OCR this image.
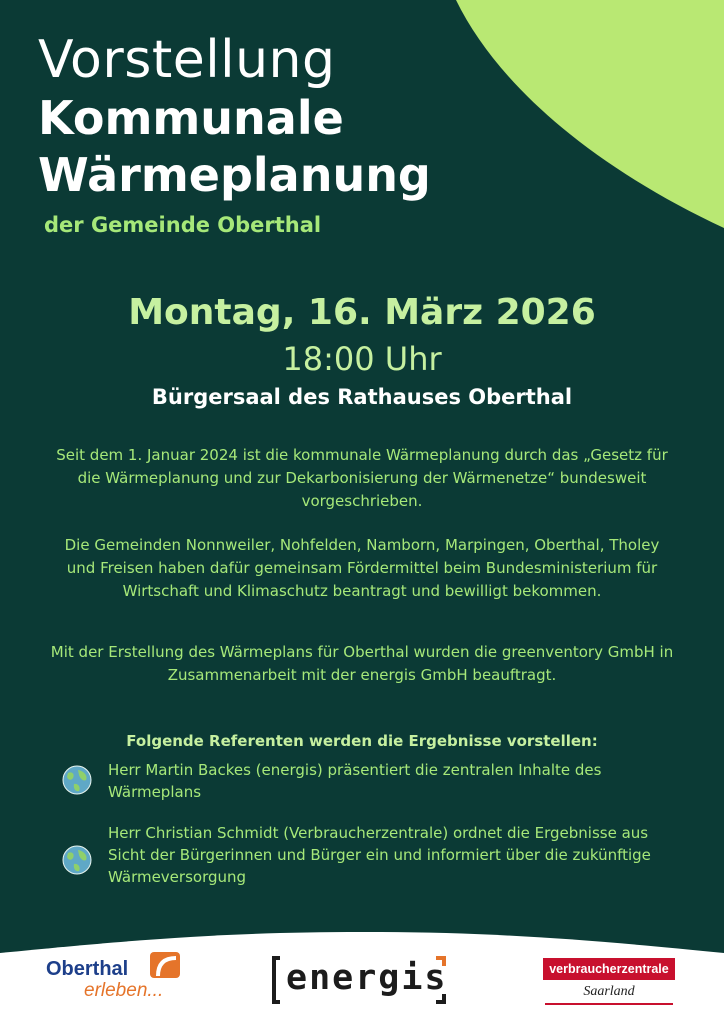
Vorstellung
Kommunale
Wärmeplanung
der Gemeinde Oberthal
Montag, 16. März 2026
18:00 Uhr
Bürgersaal des Rathauses Oberthal

Seit dem 1. Januar 2024 ist die kommunale Wärmeplanung durch das „Gesetz für die Wärmeplanung und zur Dekarbonisierung der Wärmenetze“ bundesweit vorgeschrieben.

Die Gemeinden Nonnweiler, Nohfelden, Namborn, Marpingen, Oberthal, Tholey und Freisen haben dafür gemeinsam Fördermittel beim Bundesministerium für Wirtschaft und Klimaschutz beantragt und bewilligt bekommen.

Mit der Erstellung des Wärmeplans für Oberthal wurden die greenventory GmbH in Zusammenarbeit mit der energis GmbH beauftragt.

Folgende Referenten werden die Ergebnisse vorstellen:

Herr Martin Backes (energis) präsentiert die zentralen Inhalte des Wärmeplans

Herr Christian Schmidt (Verbraucherzentrale) ordnet die Ergebnisse aus Sicht der Bürgerinnen und Bürger ein und informiert über die zukünftige Wärmeversorgung

Oberthal
erleben...	energis	verbraucherzentrale
Saarland
